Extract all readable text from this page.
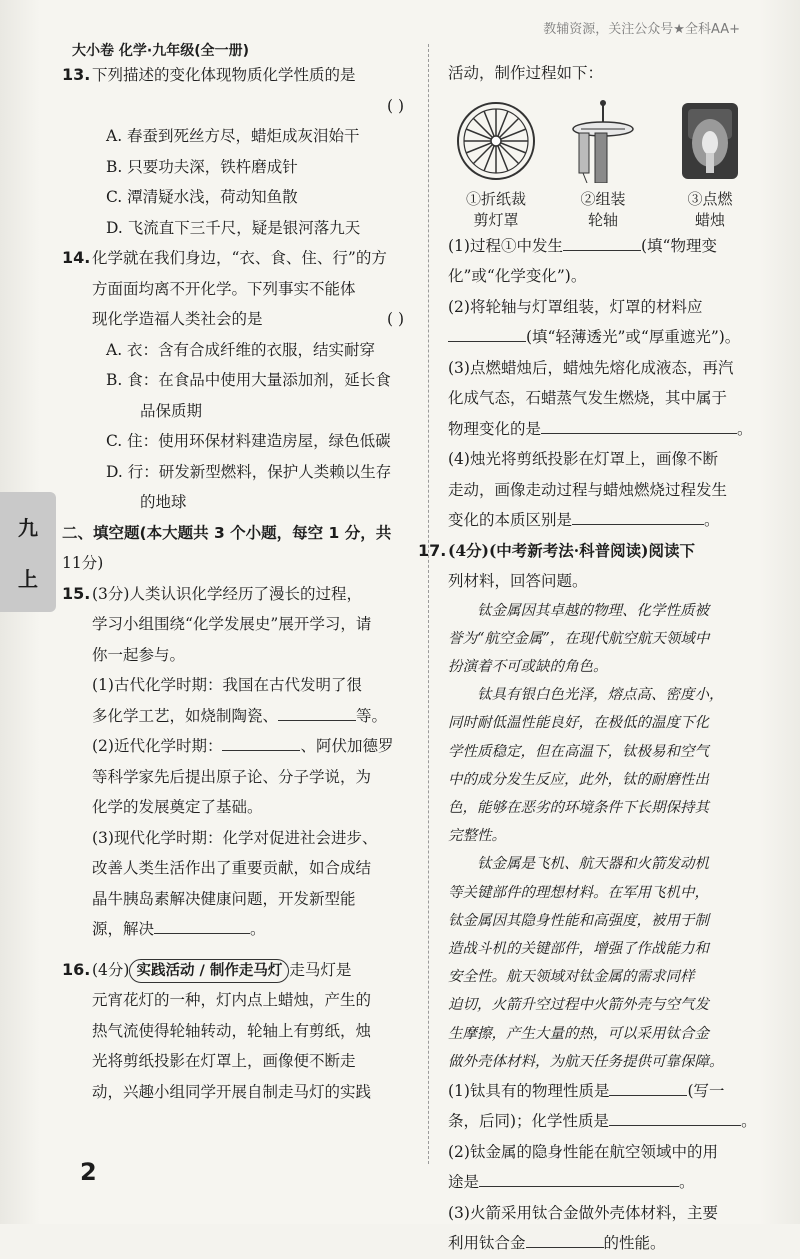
教辅资源，关注公众号★全科AA+
大小卷 化学·九年级(全一册)
九
上
13. 下列描述的变化体现物质化学性质的是
( )
A. 春蚕到死丝方尽，蜡炬成灰泪始干
B. 只要功夫深，铁杵磨成针
C. 潭清疑水浅，荷动知鱼散
D. 飞流直下三千尺，疑是银河落九天
14. 化学就在我们身边，“衣、食、住、行”的方
方面面均离不开化学。下列事实不能体
现化学造福人类社会的是	( )
A. 衣：含有合成纤维的衣服，结实耐穿
B. 食：在食品中使用大量添加剂，延长食
品保质期
C. 住：使用环保材料建造房屋，绿色低碳
D. 行：研发新型燃料，保护人类赖以生存
的地球
二、填空题(本大题共 3 个小题，每空 1 分，共
11分)
15. (3分)人类认识化学经历了漫长的过程，
学习小组围绕“化学发展史”展开学习，请
你一起参与。
(1)古代化学时期：我国在古代发明了很
多化学工艺，如烧制陶瓷、	等。
(2)近代化学时期：	、阿伏加德罗
等科学家先后提出原子论、分子学说，为
化学的发展奠定了基础。
(3)现代化学时期：化学对促进社会进步、
改善人类生活作出了重要贡献，如合成结
晶牛胰岛素解决健康问题，开发新型能
源，解决	。
16. (4分) 实践活动 / 制作走马灯 走马灯是
元宵花灯的一种，灯内点上蜡烛，产生的
热气流使得轮轴转动，轮轴上有剪纸，烛
光将剪纸投影在灯罩上，画像便不断走
动，兴趣小组同学开展自制走马灯的实践
活动，制作过程如下：
①折纸裁
剪灯罩
②组装
轮轴
③点燃
蜡烛
(1)过程①中发生	(填“物理变
化”或“化学变化”)。
(2)将轮轴与灯罩组装，灯罩的材料应
(填“轻薄透光”或“厚重遮光”)。
(3)点燃蜡烛后，蜡烛先熔化成液态，再汽
化成气态，石蜡蒸气发生燃烧，其中属于
物理变化的是	。
(4)烛光将剪纸投影在灯罩上，画像不断
走动，画像走动过程与蜡烛燃烧过程发生
变化的本质区别是	。
17. (4分)(中考新考法·科普阅读)阅读下
列材料，回答问题。
钛金属因其卓越的物理、化学性质被
誉为“航空金属”，在现代航空航天领域中
扮演着不可或缺的角色。
钛具有银白色光泽，熔点高、密度小，
同时耐低温性能良好，在极低的温度下化
学性质稳定，但在高温下，钛极易和空气
中的成分发生反应，此外，钛的耐磨性出
色，能够在恶劣的环境条件下长期保持其
完整性。
钛金属是飞机、航天器和火箭发动机
等关键部件的理想材料。在军用飞机中，
钛金属因其隐身性能和高强度，被用于制
造战斗机的关键部件，增强了作战能力和
安全性。航天领域对钛金属的需求同样
迫切，火箭升空过程中火箭外壳与空气发
生摩擦，产生大量的热，可以采用钛合金
做外壳体材料，为航天任务提供可靠保障。
(1)钛具有的物理性质是	(写一
条，后同)；化学性质是	。
(2)钛金属的隐身性能在航空领域中的用
途是	。
(3)火箭采用钛合金做外壳体材料，主要
利用钛合金	的性能。
2
